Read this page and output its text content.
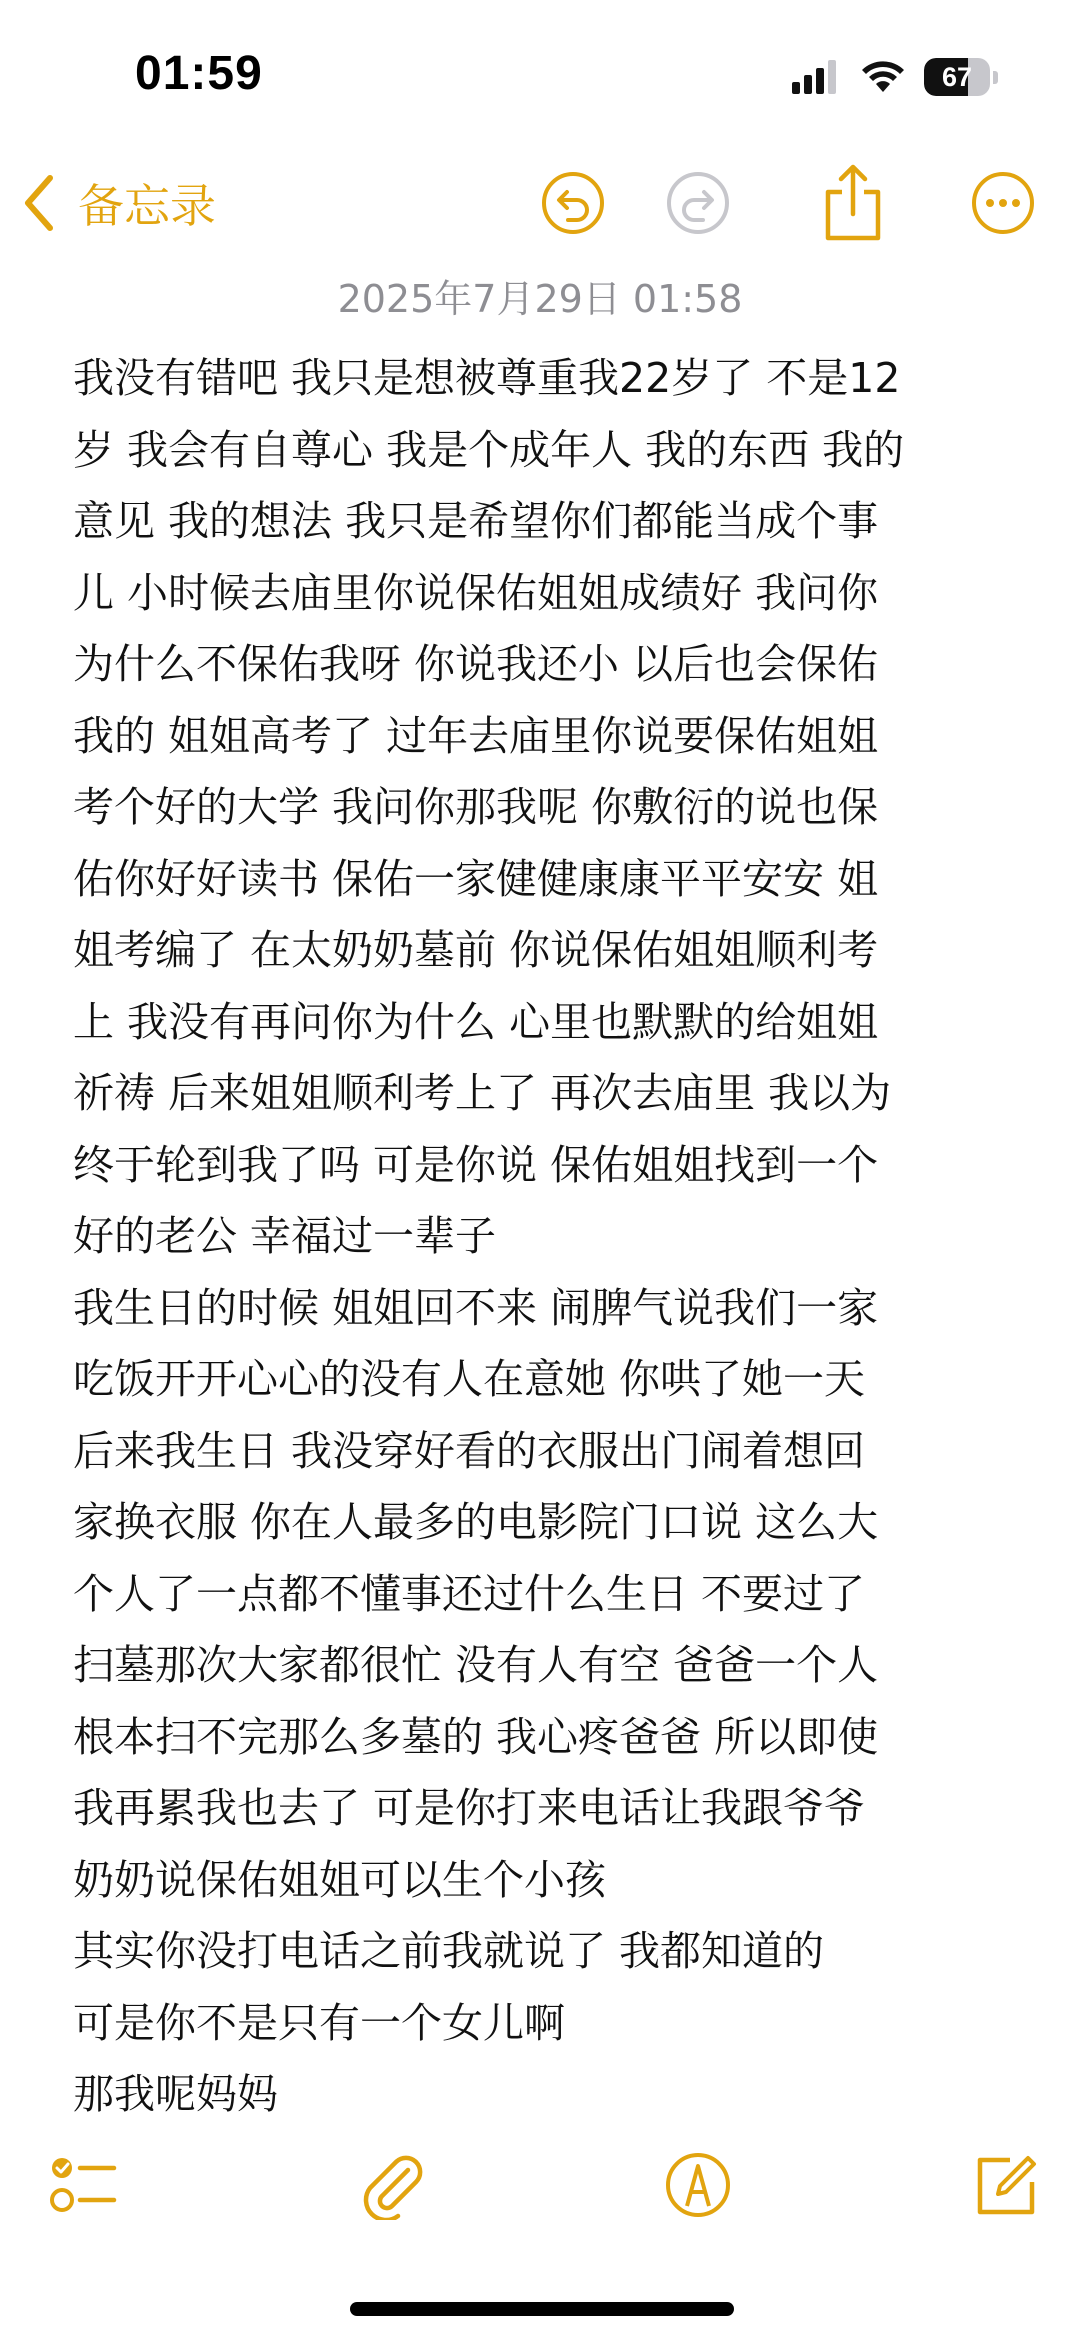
01:59	67
备忘录
2025年7月29日 01:58
我没有错吧 我只是想被尊重我22岁了 不是12
岁 我会有自尊心 我是个成年人 我的东西 我的
意见 我的想法 我只是希望你们都能当成个事
儿 小时候去庙里你说保佑姐姐成绩好 我问你
为什么不保佑我呀 你说我还小 以后也会保佑
我的 姐姐高考了 过年去庙里你说要保佑姐姐
考个好的大学 我问你那我呢 你敷衍的说也保
佑你好好读书 保佑一家健健康康平平安安 姐
姐考编了 在太奶奶墓前 你说保佑姐姐顺利考
上 我没有再问你为什么 心里也默默的给姐姐
祈祷 后来姐姐顺利考上了 再次去庙里 我以为
终于轮到我了吗 可是你说 保佑姐姐找到一个
好的老公 幸福过一辈子
我生日的时候 姐姐回不来 闹脾气说我们一家
吃饭开开心心的没有人在意她 你哄了她一天
后来我生日 我没穿好看的衣服出门闹着想回
家换衣服 你在人最多的电影院门口说 这么大
个人了一点都不懂事还过什么生日 不要过了
扫墓那次大家都很忙 没有人有空 爸爸一个人
根本扫不完那么多墓的 我心疼爸爸 所以即使
我再累我也去了 可是你打来电话让我跟爷爷
奶奶说保佑姐姐可以生个小孩
其实你没打电话之前我就说了 我都知道的
可是你不是只有一个女儿啊
那我呢妈妈
